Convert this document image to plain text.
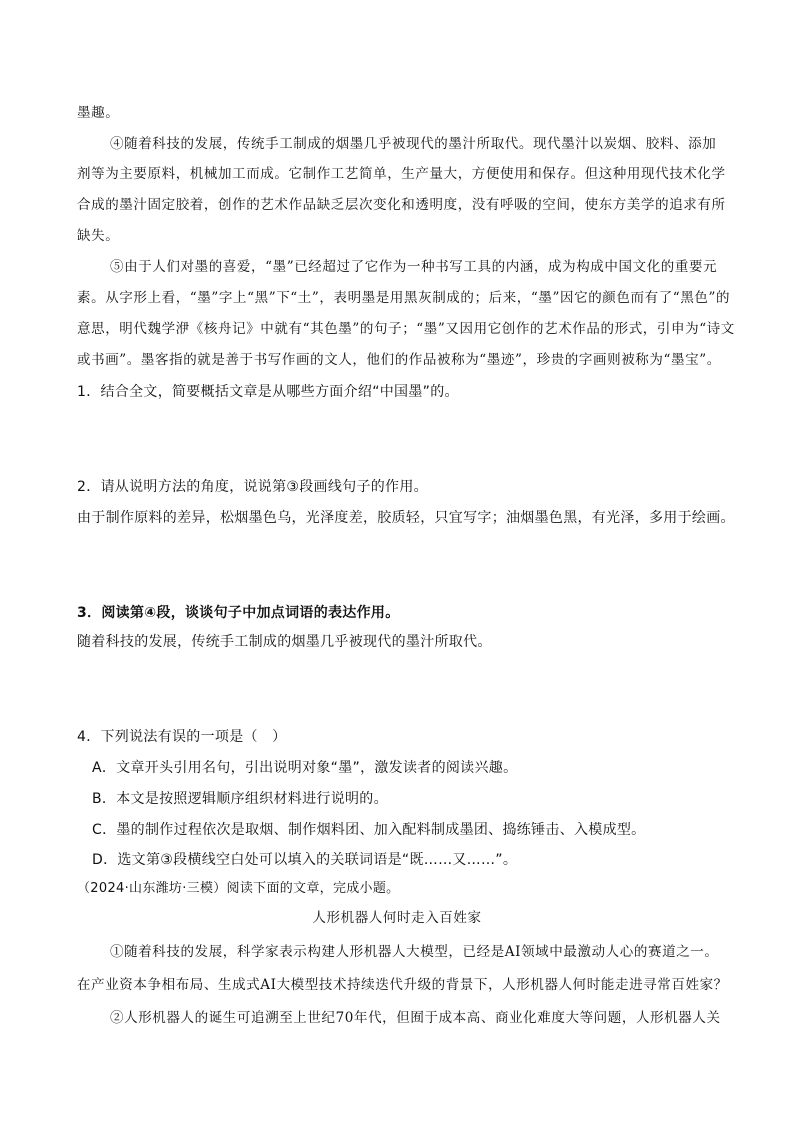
墨趣。
④随着科技的发展，传统手工制成的烟墨几乎被现代的墨汁所取代。现代墨汁以炭烟、胶料、添加
剂等为主要原料，机械加工而成。它制作工艺简单，生产量大，方便使用和保存。但这种用现代技术化学
合成的墨汁固定胶着，创作的艺术作品缺乏层次变化和透明度，没有呼吸的空间，使东方美学的追求有所
缺失。
⑤由于人们对墨的喜爱，“墨”已经超过了它作为一种书写工具的内涵，成为构成中国文化的重要元
素。从字形上看，“墨”字上“黑”下“土”，表明墨是用黑灰制成的；后来，“墨”因它的颜色而有了“黑色”的
意思，明代魏学洢《核舟记》中就有“其色墨”的句子；“墨”又因用它创作的艺术作品的形式，引申为“诗文
或书画”。墨客指的就是善于书写作画的文人，他们的作品被称为“墨迹”，珍贵的字画则被称为“墨宝”。
1．结合全文，简要概括文章是从哪些方面介绍“中国墨”的。
2．请从说明方法的角度，说说第③段画线句子的作用。
由于制作原料的差异，松烟墨色乌，光泽度差，胶质轻，只宜写字；油烟墨色黑，有光泽，多用于绘画。
3．阅读第④段，谈谈句子中加点词语的表达作用。
随着科技的发展，传统手工制成的烟墨几乎被现代的墨汁所取代。
4．下列说法有误的一项是（　）
A．文章开头引用名句，引出说明对象“墨”，激发读者的阅读兴趣。
B．本文是按照逻辑顺序组织材料进行说明的。
C．墨的制作过程依次是取烟、制作烟料团、加入配料制成墨团、捣练锤击、入模成型。
D．选文第③段横线空白处可以填入的关联词语是“既……又……”。
（2024·山东潍坊·三模）阅读下面的文章，完成小题。
人形机器人何时走入百姓家
①随着科技的发展，科学家表示构建人形机器人大模型，已经是AI领域中最激动人心的赛道之一。
在产业资本争相布局、生成式AI大模型技术持续迭代升级的背景下，人形机器人何时能走进寻常百姓家？
②人形机器人的诞生可追溯至上世纪70年代，但囿于成本高、商业化难度大等问题，人形机器人关
